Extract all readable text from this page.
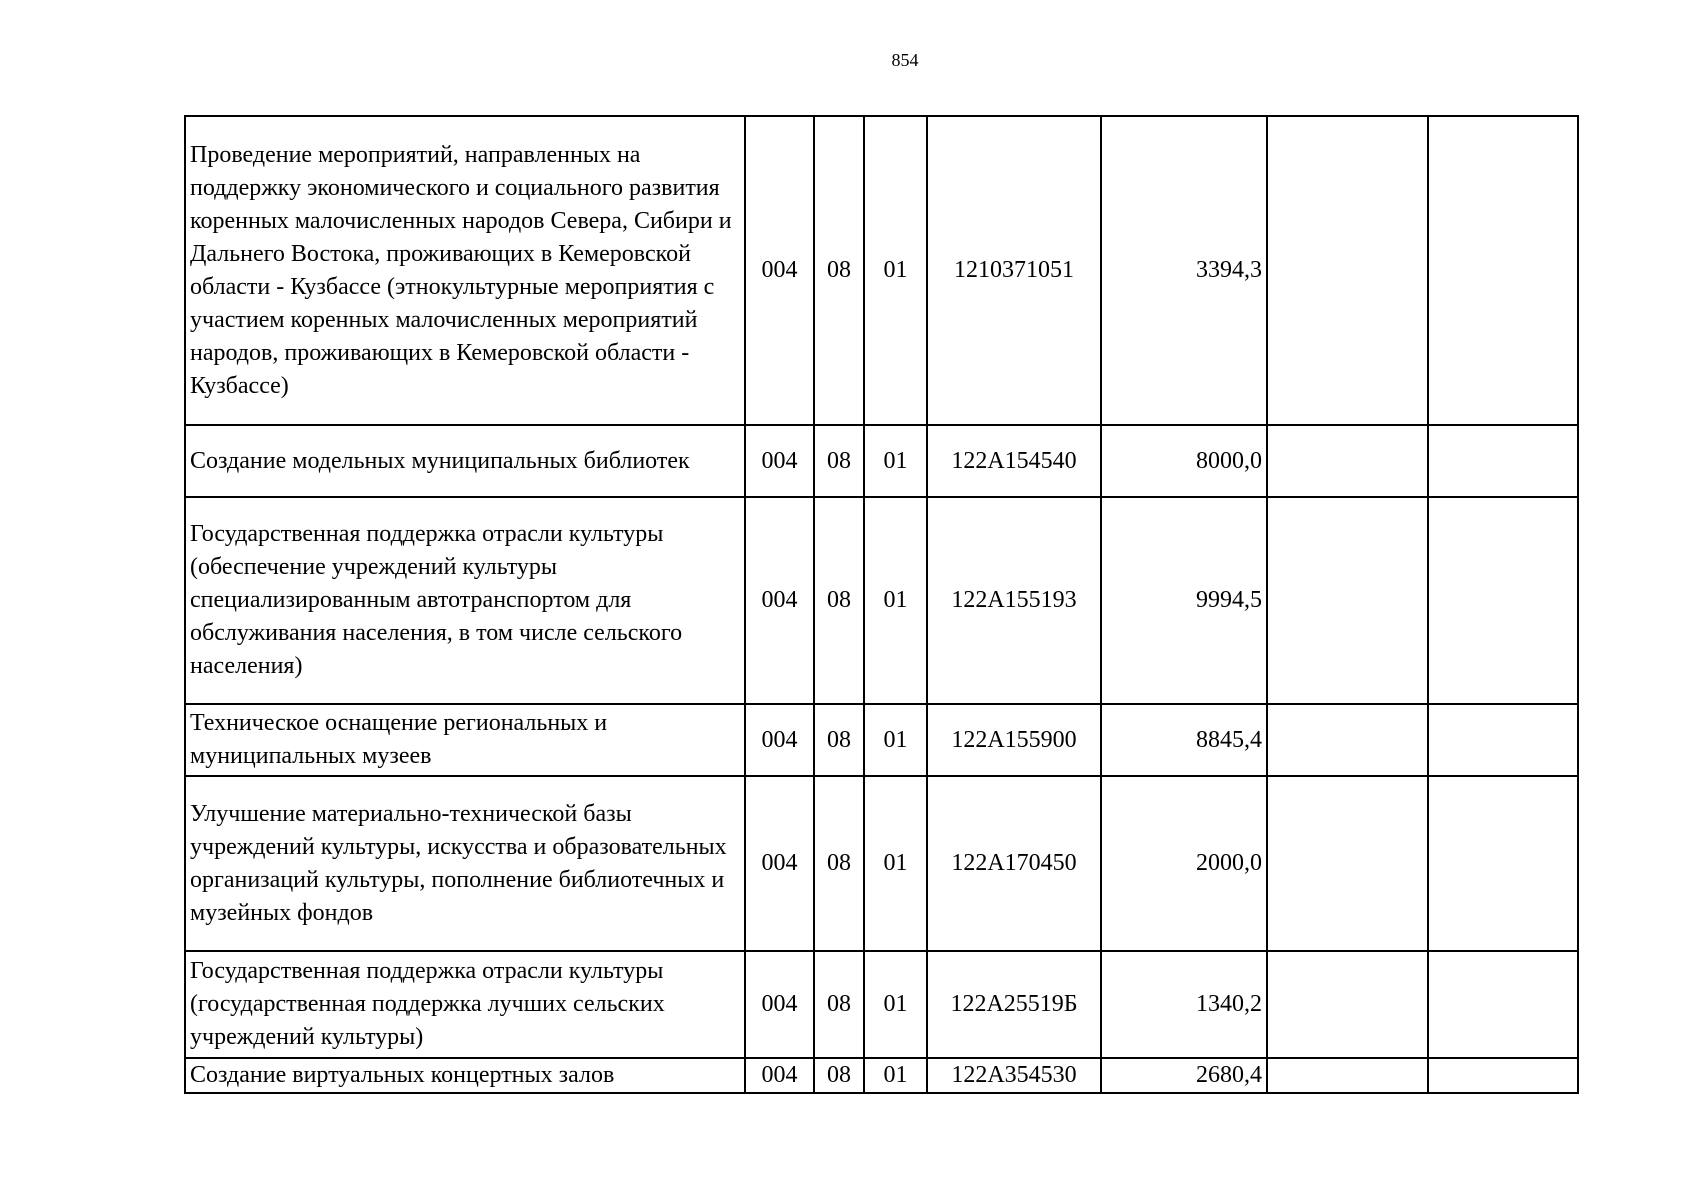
854
Проведение мероприятий, направленных на поддержку экономического и социального развития коренных малочисленных народов Севера, Сибири и Дальнего Востока, проживающих в Кемеровской области - Кузбассе (этнокультурные мероприятия с участием коренных малочисленных мероприятий народов, проживающих в Кемеровской области - Кузбассе)	004	08	01	1210371051	3394,3		
Создание модельных муниципальных библиотек	004	08	01	122A154540	8000,0		
Государственная поддержка отрасли культуры (обеспечение учреждений культуры специализированным автотранспортом для обслуживания населения, в том числе сельского населения)	004	08	01	122A155193	9994,5		
Техническое оснащение региональных и муниципальных музеев	004	08	01	122A155900	8845,4		
Улучшение материально-технической базы учреждений культуры, искусства и образовательных организаций культуры, пополнение библиотечных и музейных фондов	004	08	01	122A170450	2000,0		
Государственная поддержка отрасли культуры (государственная поддержка лучших сельских учреждений культуры)	004	08	01	122A25519Б	1340,2		
Создание виртуальных концертных залов	004	08	01	122A354530	2680,4		
